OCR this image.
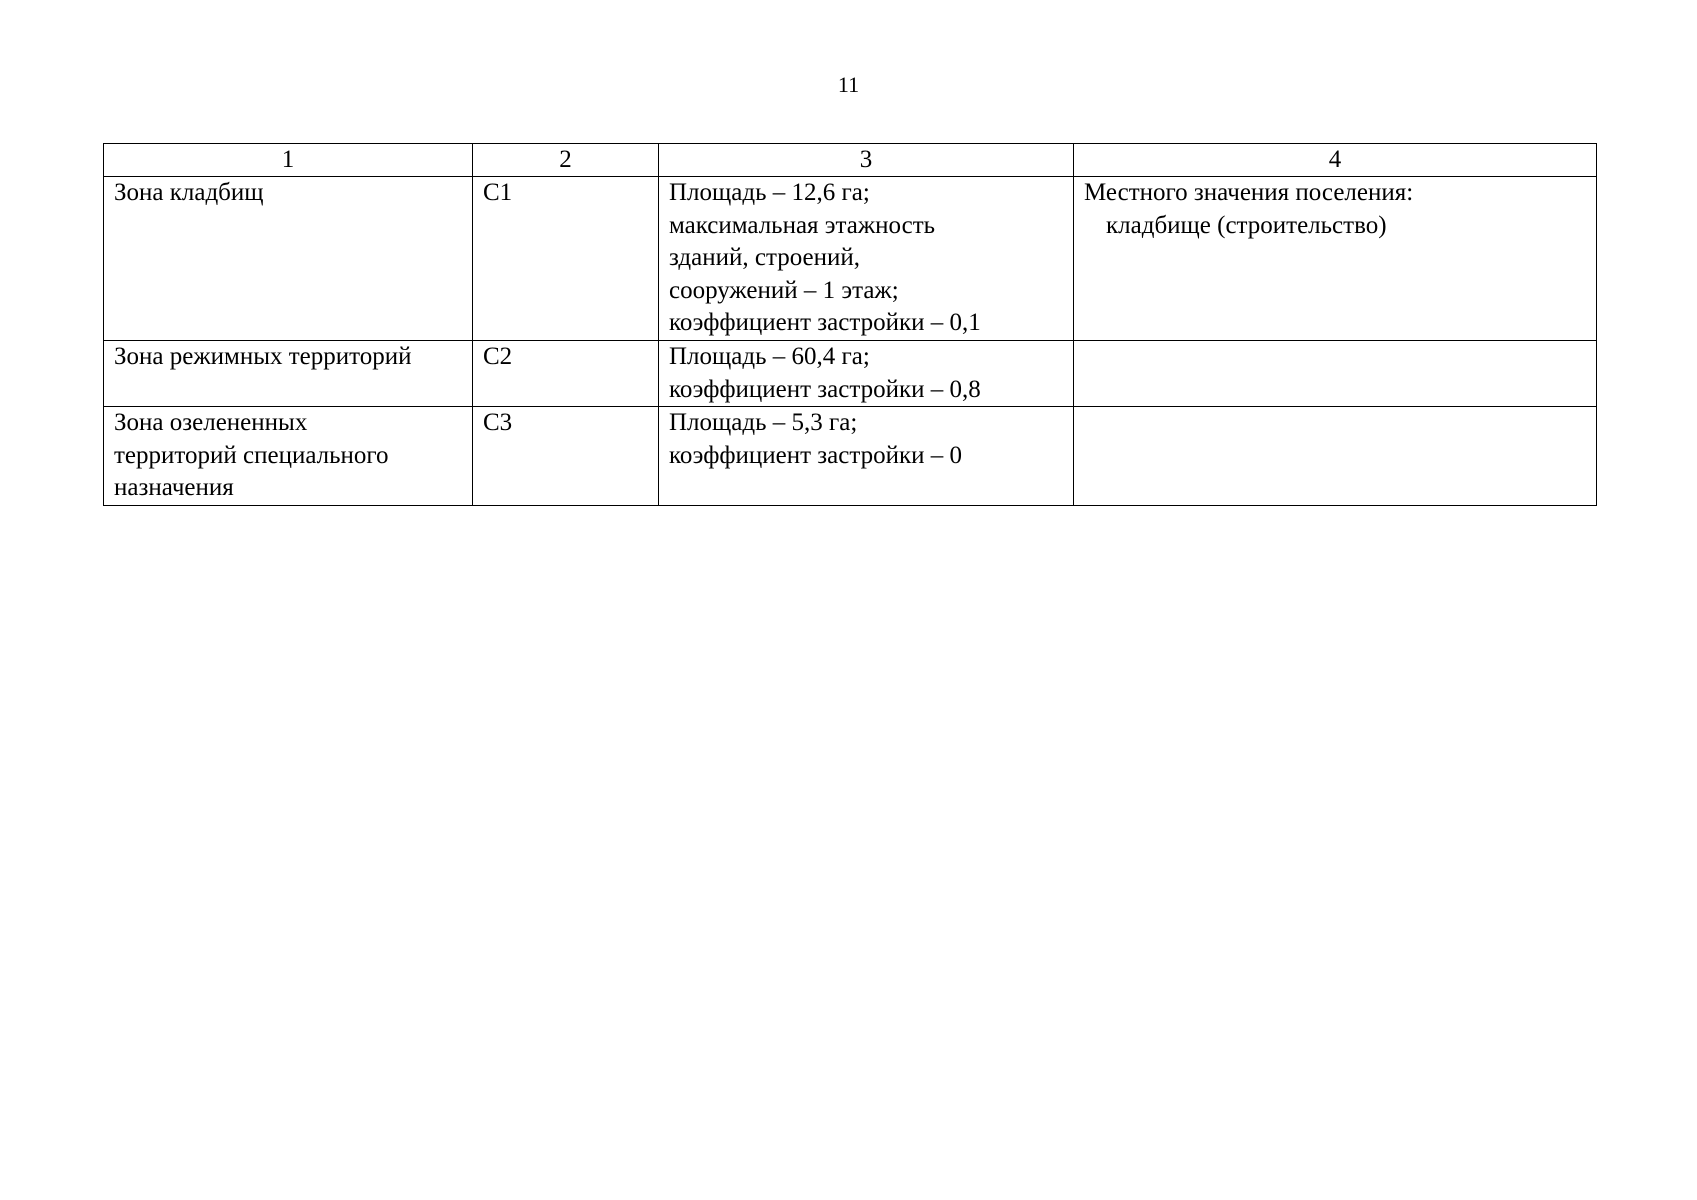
11
1	2	3	4

Зона кладбищ	С1	Площадь – 12,6 га;
максимальная этажность
зданий, строений,
сооружений – 1 этаж;
коэффициент застройки – 0,1	Местного значения поселения:
кладбище (строительство)

Зона режимных территорий	С2	Площадь – 60,4 га;
коэффициент застройки – 0,8	

Зона озелененных
территорий специального
назначения	С3	Площадь – 5,3 га;
коэффициент застройки – 0	
